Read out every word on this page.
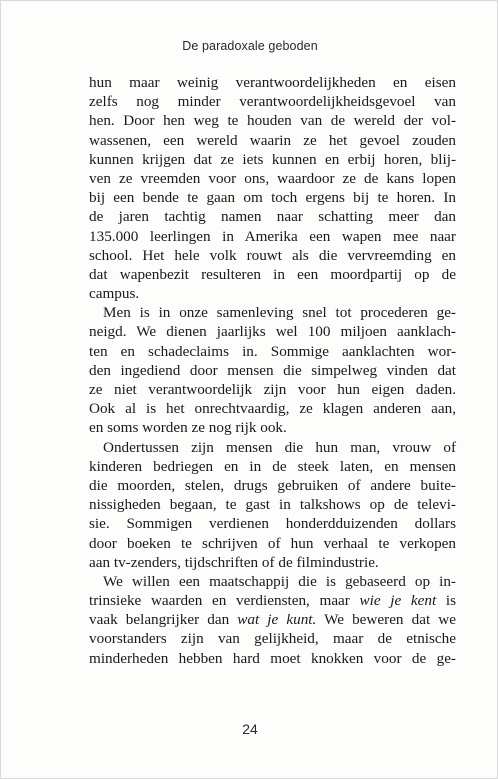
De paradoxale geboden
hun maar weinig verantwoordelijkheden en eisen
zelfs nog minder verantwoordelijkheidsgevoel van
hen. Door hen weg te houden van de wereld der vol-
wassenen, een wereld waarin ze het gevoel zouden
kunnen krijgen dat ze iets kunnen en erbij horen, blij-
ven ze vreemden voor ons, waardoor ze de kans lopen
bij een bende te gaan om toch ergens bij te horen. In
de jaren tachtig namen naar schatting meer dan
135.000 leerlingen in Amerika een wapen mee naar
school. Het hele volk rouwt als die vervreemding en
dat wapenbezit resulteren in een moordpartij op de
campus.
Men is in onze samenleving snel tot procederen ge-
neigd. We dienen jaarlijks wel 100 miljoen aanklach-
ten en schadeclaims in. Sommige aanklachten wor-
den ingediend door mensen die simpelweg vinden dat
ze niet verantwoordelijk zijn voor hun eigen daden.
Ook al is het onrechtvaardig, ze klagen anderen aan,
en soms worden ze nog rijk ook.
Ondertussen zijn mensen die hun man, vrouw of
kinderen bedriegen en in de steek laten, en mensen
die moorden, stelen, drugs gebruiken of andere buite-
nissigheden begaan, te gast in talkshows op de televi-
sie. Sommigen verdienen honderdduizenden dollars
door boeken te schrijven of hun verhaal te verkopen
aan tv-zenders, tijdschriften of de filmindustrie.
We willen een maatschappij die is gebaseerd op in-
trinsieke waarden en verdiensten, maar wie je kent is
vaak belangrijker dan wat je kunt. We beweren dat we
voorstanders zijn van gelijkheid, maar de etnische
minderheden hebben hard moet knokken voor de ge-
24
